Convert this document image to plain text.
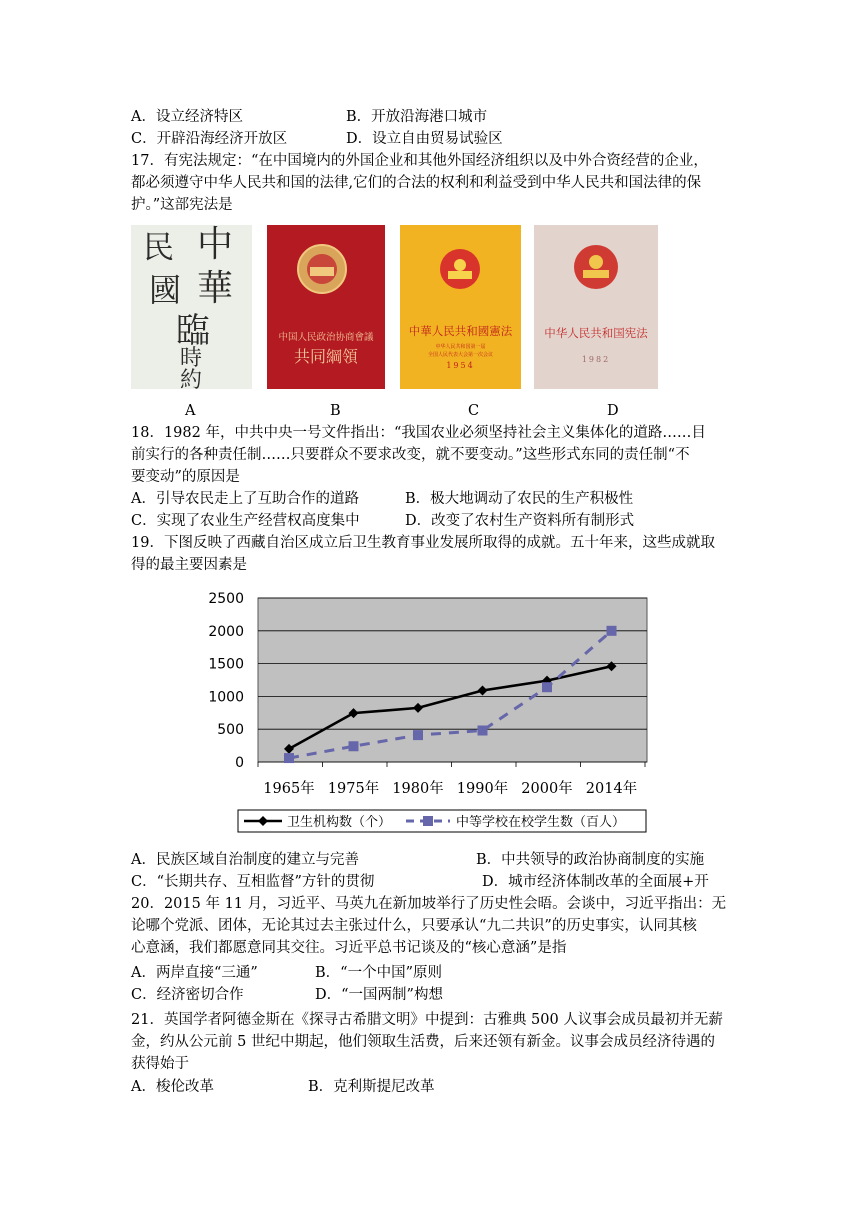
A．设立经济特区	B．开放沿海港口城市
C．开辟沿海经济开放区	D．设立自由贸易试验区
17．有宪法规定：“在中国境内的外国企业和其他外国经济组织以及中外合资经营的企业，
都必须遵守中华人民共和国的法律,它们的合法的权利和利益受到中华人民共和国法律的保
护。”这部宪法是
民 中
國 華
臨
時
約
中国人民政治协商會議
共同綱領
中華人民共和國憲法
中华人民共和国第一届
全国人民代表大会第一次会议
1954
中华人民共和国宪法
1982
A	B	C	D
18．1982 年，中共中央一号文件指出：“我国农业必须坚持社会主义集体化的道路……目
前实行的各种责任制……只要群众不要求改变，就不要变动。”这些形式东同的责任制“不
要变动”的原因是
A．引导农民走上了互助合作的道路	B．极大地调动了农民的生产积极性
C．实现了农业生产经营权高度集中	D．改变了农村生产资料所有制形式
19．下图反映了西藏自治区成立后卫生教育事业发展所取得的成就。五十年来，这些成就取
得的最主要因素是
0
500
1000
1500
2000
2500
1965年 1975年 1980年 1990年 2000年 2014年
卫生机构数（个）	中等学校在校学生数（百人）
A．民族区域自治制度的建立与完善	B．中共领导的政治协商制度的实施
C．“长期共存、互相监督”方针的贯彻	D．城市经济体制改革的全面展+开
20．2015 年 11 月，习近平、马英九在新加坡举行了历史性会晤。会谈中，习近平指出：无
论哪个党派、团体，无论其过去主张过什么，只要承认“九二共识”的历史事实，认同其核
心意涵，我们都愿意同其交往。习近平总书记谈及的“核心意涵”是指
A．两岸直接“三通”	B．“一个中国”原则
C．经济密切合作	D．“一国两制”构想
21．英国学者阿德金斯在《探寻古希腊文明》中提到：古雅典 500 人议事会成员最初并无薪
金，约从公元前 5 世纪中期起，他们领取生活费，后来还领有新金。议事会成员经济待遇的
获得始于
A．梭伦改革	B．克利斯提尼改革
